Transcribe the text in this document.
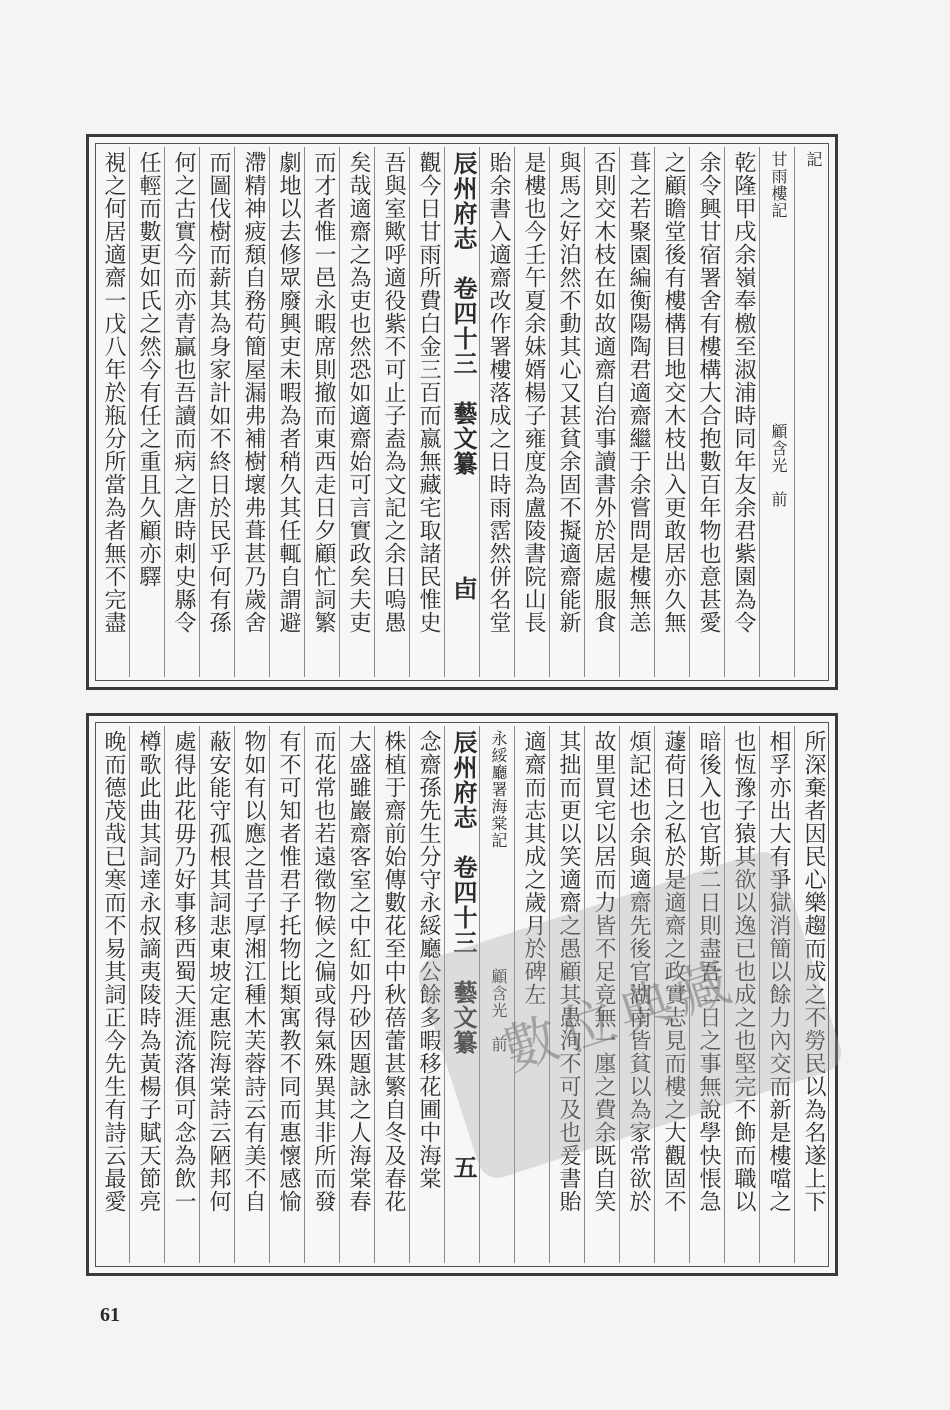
記
甘雨樓記　　　　　　　　　　　　顧含光　前
乾隆甲戌余嶺奉檄至淑浦時同年友余君紫園為令
余令興甘宿署舍有樓構大合抱數百年物也意甚愛
之顧瞻堂後有樓構目地交木枝出入更敢居亦久無
葺之若聚園編衡陽陶君適齋繼于余嘗問是樓無恙
否則交木枝在如故適齋自治事讀書外於居處服食
與馬之好泊然不動其心又甚貧余固不擬適齋能新
是樓也今壬午夏余妹婿楊子雍度為盧陵書院山長
貽余書入適齋改作署樓落成之日時雨霑然併名堂
辰州府志　卷四十三　藝文纂　　　　卣
觀今日甘雨所費白金三百而嬴無藏宅取諸民惟史
吾與室歟呼適役紫不可止子盍為文記之余日嗚愚
矣哉適齋之為吏也然恐如適齋始可言實政矣夫吏
而才者惟一邑永暇席則撤而東西走日夕顧忙詞繁
劇地以去修眾廢興吏未暇為者稍久其任輒自謂避
滯精神疲頹自務苟簡屋漏弗補樹壞弗葺甚乃歲舍
而圖伐樹而薪其為身家計如不終日於民乎何有孫
何之古實今而亦青贏也吾讀而病之唐時刺史縣令
任輕而數更如氏之然今有任之重且久顧亦驛
視之何居適齋一戊八年於瓶分所當為者無不完盡
所深棄者因民心樂趨而成之不勞民以為名遂上下
相孚亦出大有爭獄消簡以餘力內交而新是樓噹之
也恆豫子猿其欲以逸已也成之也堅完不飾而職以
暗後入也官斯二日則盡吾二日之事無說學快悵急
蘧荷日之私於是適齋之政實志見而樓之大觀固不
煩記述也余與適齋先後官湖南皆貧以為家常欲於
故里買宅以居而力皆不足竟無一廛之費余既自笑
其拙而更以笑適齋之愚顧其愚洵不可及也爰書貽
適齋而志其成之歲月於碑左
永綏廳署海棠記　　　　　　　顧含光　前
辰州府志　卷四十三　藝文纂　　　　五
念齋孫先生分守永綏廳公餘多暇移花圃中海棠
株植于齋前始傳數花至中秋蓓蕾甚繁自冬及春花
大盛雖巖齋客室之中紅如丹砂因題詠之人海棠春
而花常也若遠徵物候之偏或得氣殊異其非所而發
有不可知者惟君子托物比類寓教不同而惠懷感愉
物如有以應之昔子厚湘江種木芙蓉詩云有美不自
蔽安能守孤根其詞悲東坡定惠院海棠詩云陋邦何
處得此花毋乃好事移西蜀天涯流落俱可念為飲一
樽歌此曲其詞達永叔謫夷陵時為黃楊子賦天節亮
晚而德茂哉已寒而不易其詞正今先生有詩云最愛	數位典藏
61
